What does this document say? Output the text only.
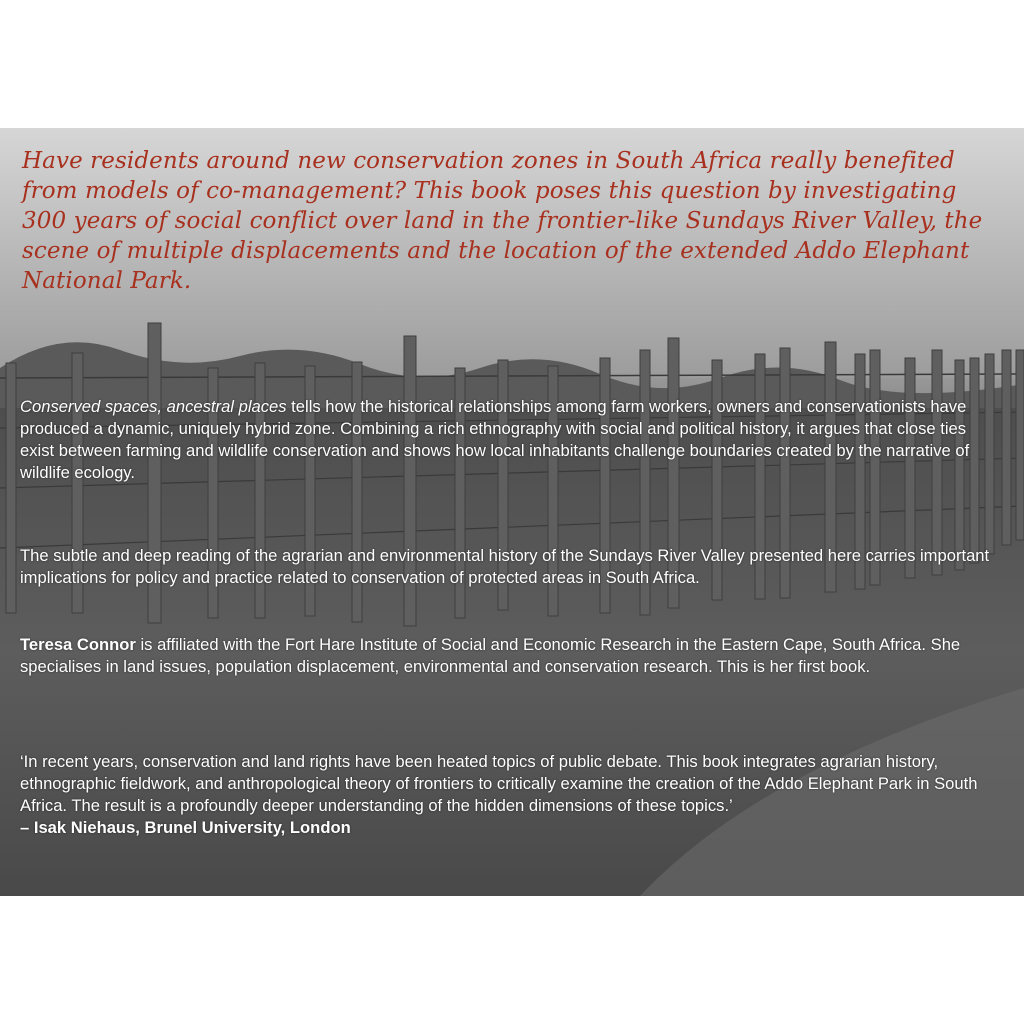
Have residents around new conservation zones in South Africa really benefited from models of co-management? This book poses this question by investigating 300 years of social conflict over land in the frontier-like Sundays River Valley, the scene of multiple displacements and the location of the extended Addo Elephant National Park.
Conserved spaces, ancestral places tells how the historical relationships among farm workers, owners and conservationists have produced a dynamic, uniquely hybrid zone. Combining a rich ethnography with social and political history, it argues that close ties exist between farming and wildlife conservation and shows how local inhabitants challenge boundaries created by the narrative of wildlife ecology.
The subtle and deep reading of the agrarian and environmental history of the Sundays River Valley presented here carries important implications for policy and practice related to conservation of protected areas in South Africa.
Teresa Connor is affiliated with the Fort Hare Institute of Social and Economic Research in the Eastern Cape, South Africa. She specialises in land issues, population displacement, environmental and conservation research. This is her first book.
‘In recent years, conservation and land rights have been heated topics of public debate. This book integrates agrarian history, ethnographic fieldwork, and anthropological theory of frontiers to critically examine the creation of the Addo Elephant Park in South Africa. The result is a profoundly deeper understanding of the hidden dimensions of these topics.’
– Isak Niehaus, Brunel University, London
